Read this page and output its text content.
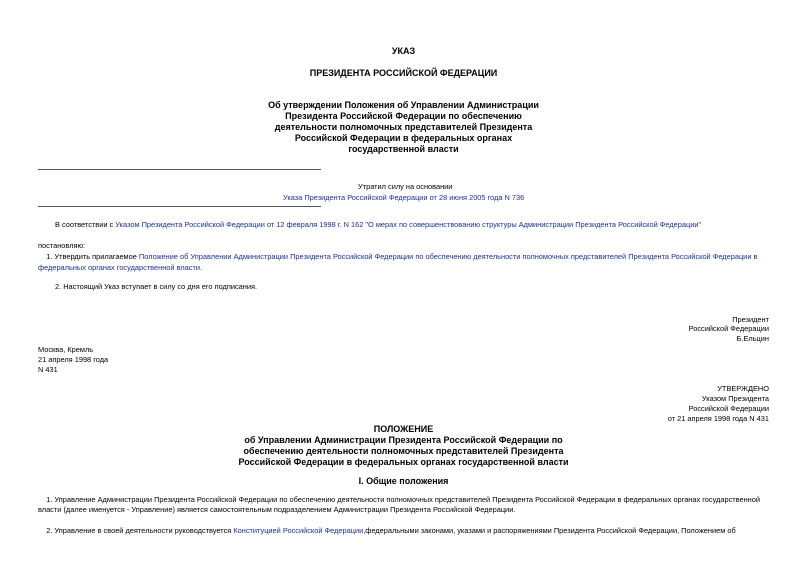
УКАЗ
ПРЕЗИДЕНТА РОССИЙСКОЙ ФЕДЕРАЦИИ
Об утверждении Положения об Управлении Администрации
Президента Российской Федерации по обеспечению
деятельности полномочных представителей Президента
Российской Федерации в федеральных органах
государственной власти
Утратил силу на основании
Указа Президента Российской Федерации от 28 июня 2005 года N 736
В соответствии с Указом Президента Российской Федерации от 12 февраля 1998 г. N 162 "О мерах по совершенствованию структуры Администрации Президента Российской Федерации"
постановляю:
1. Утвердить прилагаемое Положение об Управлении Администрации Президента Российской Федерации по обеспечению деятельности полномочных представителей Президента Российской Федерации в
федеральных органах государственной власти.
2. Настоящий Указ вступает в силу со дня его подписания.
Президент
Российской Федерации
Б.Ельцин
Москва, Кремль
21 апреля 1998 года
N 431
УТВЕРЖДЕНО
Указом Президента
Российской Федерации
от 21 апреля 1998 года N 431
ПОЛОЖЕНИЕ
об Управлении Администрации Президента Российской Федерации по
обеспечению деятельности полномочных представителей Президента
Российской Федерации в федеральных органах государственной власти
I. Общие положения
1. Управление Администрации Президента Российской Федерации по обеспечению деятельности полномочных представителей Президента Российской Федерации в федеральных органах государственной
власти (далее именуется - Управление) является самостоятельным подразделением Администрации Президента Российской Федерации.
2. Управление в своей деятельности руководствуется Конституцией Российской Федерации,федеральными законами, указами и распоряжениями Президента Российской Федерации, Положением об
